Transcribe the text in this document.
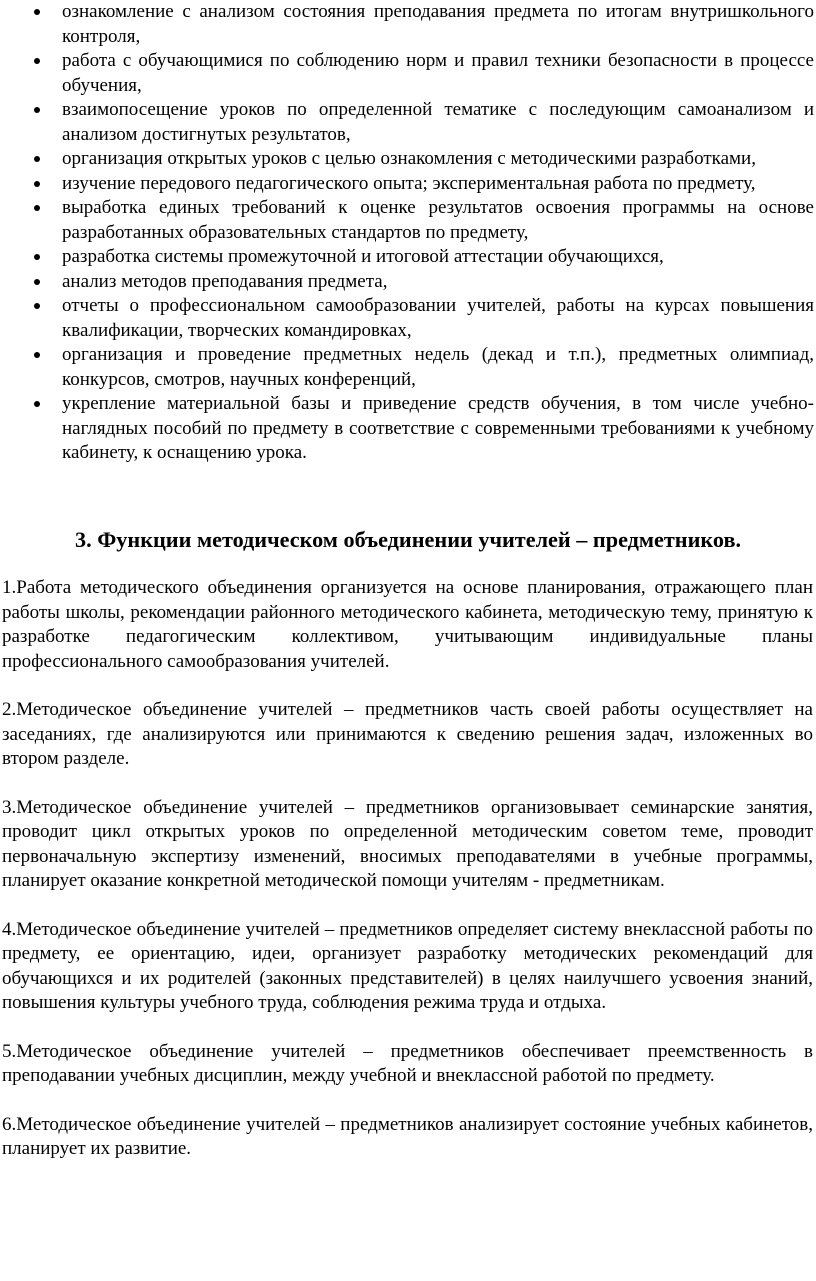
ознакомление с анализом состояния преподавания предмета по итогам внутришкольного контроля,
работа с обучающимися по соблюдению норм и правил техники безопасности в процессе обучения,
взаимопосещение уроков по определенной тематике с последующим самоанализом и анализом достигнутых результатов,
организация открытых уроков с целью ознакомления с методическими разработками,
изучение передового педагогического опыта; экспериментальная работа по предмету,
выработка единых требований к оценке результатов освоения программы на основе разработанных образовательных стандартов по предмету,
разработка системы промежуточной и итоговой аттестации обучающихся,
анализ методов преподавания предмета,
отчеты о профессиональном самообразовании учителей, работы на курсах повышения квалификации, творческих командировках,
организация и проведение предметных недель (декад и т.п.), предметных олимпиад, конкурсов, смотров, научных конференций,
укрепление материальной базы и приведение средств обучения, в том числе учебно-наглядных пособий по предмету в соответствие с современными требованиями к учебному кабинету, к оснащению урока.
3. Функции методическом объединении учителей – предметников.

1.Работа методического объединения организуется на основе планирования, отражающего план работы школы, рекомендации районного методического кабинета, методическую тему, принятую к разработке педагогическим коллективом, учитывающим индивидуальные планы профессионального самообразования учителей.

2.Методическое объединение учителей – предметников часть своей работы осуществляет на заседаниях, где анализируются или принимаются к сведению решения задач, изложенных во втором разделе.

3.Методическое объединение учителей – предметников организовывает семинарские занятия, проводит цикл открытых уроков по определенной методическим советом теме, проводит первоначальную экспертизу изменений, вносимых преподавателями в учебные программы, планирует оказание конкретной методической помощи учителям - предметникам.

4.Методическое объединение учителей – предметников определяет систему внеклассной работы по предмету, ее ориентацию, идеи, организует разработку методических рекомендаций для обучающихся и их родителей (законных представителей) в целях наилучшего усвоения знаний, повышения культуры учебного труда, соблюдения режима труда и отдыха.

5.Методическое объединение учителей – предметников обеспечивает преемственность в преподавании учебных дисциплин, между учебной и внеклассной работой по предмету.

6.Методическое объединение учителей – предметников анализирует состояние учебных кабинетов, планирует их развитие.
